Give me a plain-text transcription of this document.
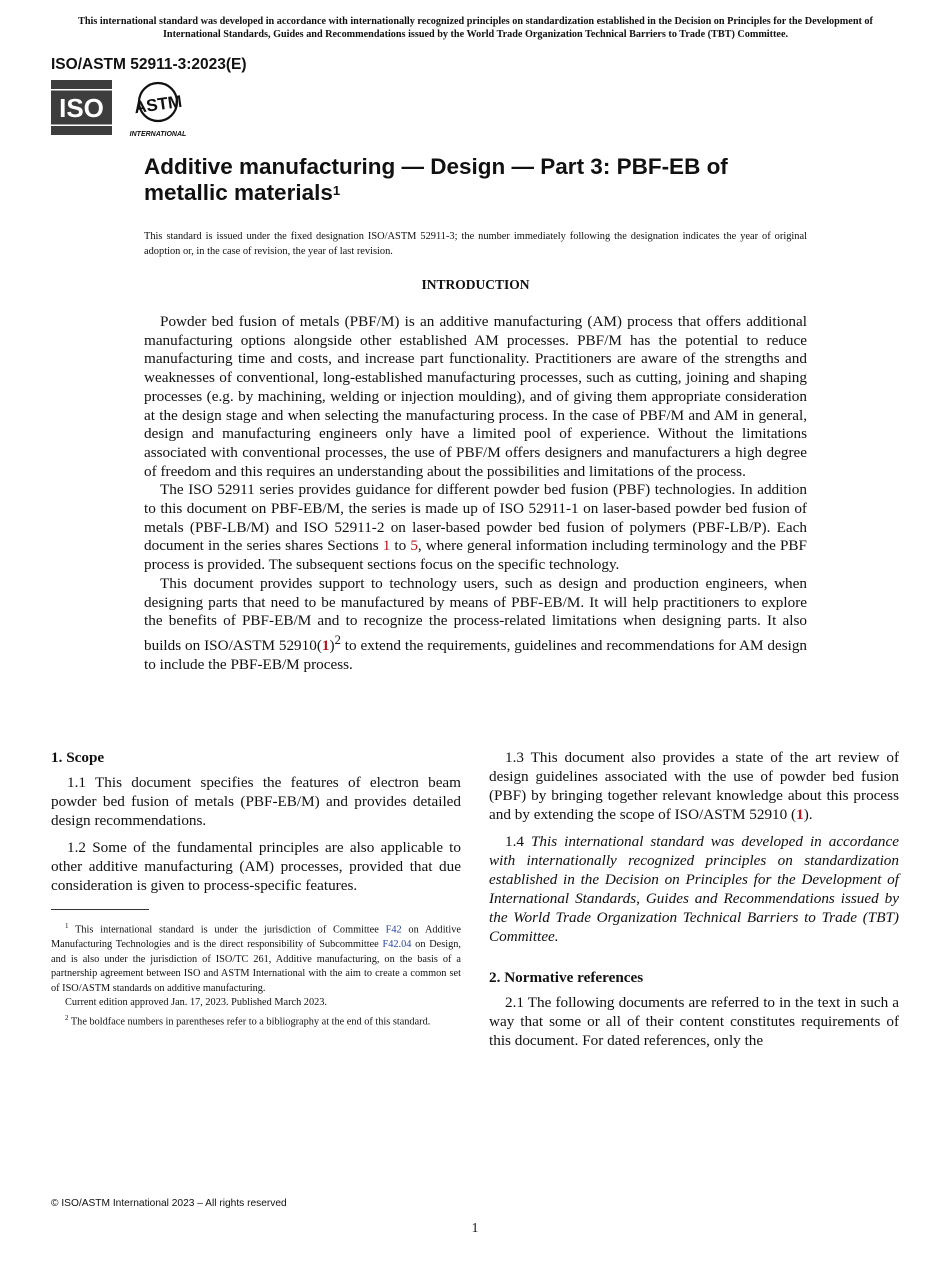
This international standard was developed in accordance with internationally recognized principles on standardization established in the Decision on Principles for the Development of International Standards, Guides and Recommendations issued by the World Trade Organization Technical Barriers to Trade (TBT) Committee.
ISO/ASTM 52911-3:2023(E)
ISO ASTM
INTERNATIONAL
Additive manufacturing — Design — Part 3: PBF-EB of metallic materials$^1$
This standard is issued under the fixed designation ISO/ASTM 52911-3; the number immediately following the designation indicates the year of original adoption or, in the case of revision, the year of last revision.
INTRODUCTION

Powder bed fusion of metals (PBF/M) is an additive manufacturing (AM) process that offers additional manufacturing options alongside other established AM processes. PBF/M has the potential to reduce manufacturing time and costs, and increase part functionality. Practitioners are aware of the strengths and weaknesses of conventional, long-established manufacturing processes, such as cutting, joining and shaping processes (e.g. by machining, welding or injection moulding), and of giving them appropriate consideration at the design stage and when selecting the manufacturing process. In the case of PBF/M and AM in general, design and manufacturing engineers only have a limited pool of experience. Without the limitations associated with conventional processes, the use of PBF/M offers designers and manufacturers a high degree of freedom and this requires an understanding about the possibilities and limitations of the process.

The ISO 52911 series provides guidance for different powder bed fusion (PBF) technologies. In addition to this document on PBF-EB/M, the series is made up of ISO 52911-1 on laser-based powder bed fusion of metals (PBF-LB/M) and ISO 52911-2 on laser-based powder bed fusion of polymers (PBF-LB/P). Each document in the series shares Sections 1 to 5, where general information including terminology and the PBF process is provided. The subsequent sections focus on the specific technology.

This document provides support to technology users, such as design and production engineers, when designing parts that need to be manufactured by means of PBF-EB/M. It will help practitioners to explore the benefits of PBF-EB/M and to recognize the process-related limitations when designing parts. It also builds on ISO/ASTM $52910(1)^2$ to extend the requirements, guidelines and recommendations for AM design to include the PBF-EB/M process.

1. Scope

1.1 This document specifies the features of electron beam powder bed fusion of metals (PBF-EB/M) and provides detailed design recommendations.

1.2 Some of the fundamental principles are also applicable to other additive manufacturing (AM) processes, provided that due consideration is given to process-specific features.

$^1$ This international standard is under the jurisdiction of Committee F42 on Additive Manufacturing Technologies and is the direct responsibility of Subcommittee F42.04 on Design, and is also under the jurisdiction of ISO/TC 261, Additive manufacturing, on the basis of a partnership agreement between ISO and ASTM International with the aim to create a common set of ISO/ASTM standards on additive manufacturing.

Current edition approved Jan. 17, 2023. Published March 2023.

$^2$ The boldface numbers in parentheses refer to a bibliography at the end of this standard.

1.3 This document also provides a state of the art review of design guidelines associated with the use of powder bed fusion (PBF) by bringing together relevant knowledge about this process and by extending the scope of ISO/ASTM 52910 (1).

1.4 This international standard was developed in accordance with internationally recognized principles on standardization established in the Decision on Principles for the Development of International Standards, Guides and Recommendations issued by the World Trade Organization Technical Barriers to Trade (TBT) Committee.

2. Normative references

2.1 The following documents are referred to in the text in such a way that some or all of their content constitutes requirements of this document. For dated references, only the

© ISO/ASTM International 2023 – All rights reserved
1
